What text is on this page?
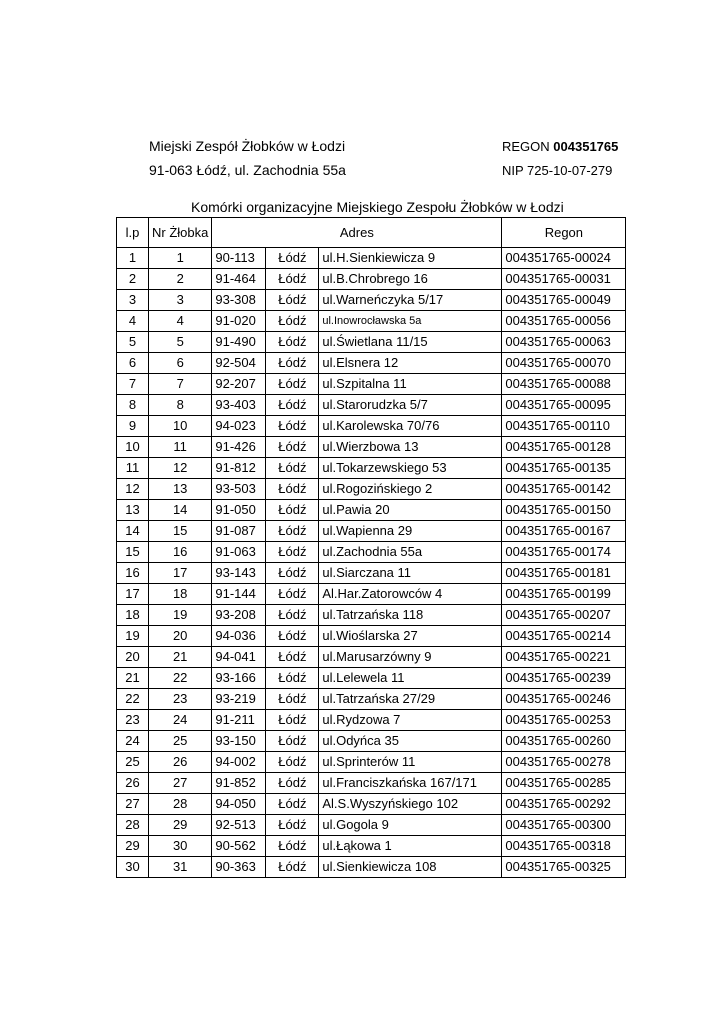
Miejski Zespół Żłobków w Łodzi
91-063 Łódź, ul. Zachodnia 55a
REGON 004351765
NIP 725-10-07-279
Komórki organizacyjne Miejskiego Zespołu Żłobków w Łodzi
l.p	Nr Żłobka	Adres			Regon
1	1	90-113	Łódź	ul.H.Sienkiewicza 9	004351765-00024
2	2	91-464	Łódź	ul.B.Chrobrego 16	004351765-00031
3	3	93-308	Łódź	ul.Warneńczyka 5/17	004351765-00049
4	4	91-020	Łódź	ul.Inowrocławska 5a	004351765-00056
5	5	91-490	Łódź	ul.Świetlana 11/15	004351765-00063
6	6	92-504	Łódź	ul.Elsnera 12	004351765-00070
7	7	92-207	Łódź	ul.Szpitalna 11	004351765-00088
8	8	93-403	Łódź	ul.Starorudzka 5/7	004351765-00095
9	10	94-023	Łódź	ul.Karolewska 70/76	004351765-00110
10	11	91-426	Łódź	ul.Wierzbowa 13	004351765-00128
11	12	91-812	Łódź	ul.Tokarzewskiego 53	004351765-00135
12	13	93-503	Łódź	ul.Rogozińskiego 2	004351765-00142
13	14	91-050	Łódź	ul.Pawia 20	004351765-00150
14	15	91-087	Łódź	ul.Wapienna 29	004351765-00167
15	16	91-063	Łódź	ul.Zachodnia 55a	004351765-00174
16	17	93-143	Łódź	ul.Siarczana 11	004351765-00181
17	18	91-144	Łódź	Al.Har.Zatorowców 4	004351765-00199
18	19	93-208	Łódź	ul.Tatrzańska 118	004351765-00207
19	20	94-036	Łódź	ul.Wioślarska 27	004351765-00214
20	21	94-041	Łódź	ul.Marusarzówny 9	004351765-00221
21	22	93-166	Łódź	ul.Lelewela 11	004351765-00239
22	23	93-219	Łódź	ul.Tatrzańska 27/29	004351765-00246
23	24	91-211	Łódź	ul.Rydzowa 7	004351765-00253
24	25	93-150	Łódź	ul.Odyńca 35	004351765-00260
25	26	94-002	Łódź	ul.Sprinterów 11	004351765-00278
26	27	91-852	Łódź	ul.Franciszkańska 167/171	004351765-00285
27	28	94-050	Łódź	Al.S.Wyszyńskiego 102	004351765-00292
28	29	92-513	Łódź	ul.Gogola 9	004351765-00300
29	30	90-562	Łódź	ul.Łąkowa 1	004351765-00318
30	31	90-363	Łódź	ul.Sienkiewicza 108	004351765-00325
